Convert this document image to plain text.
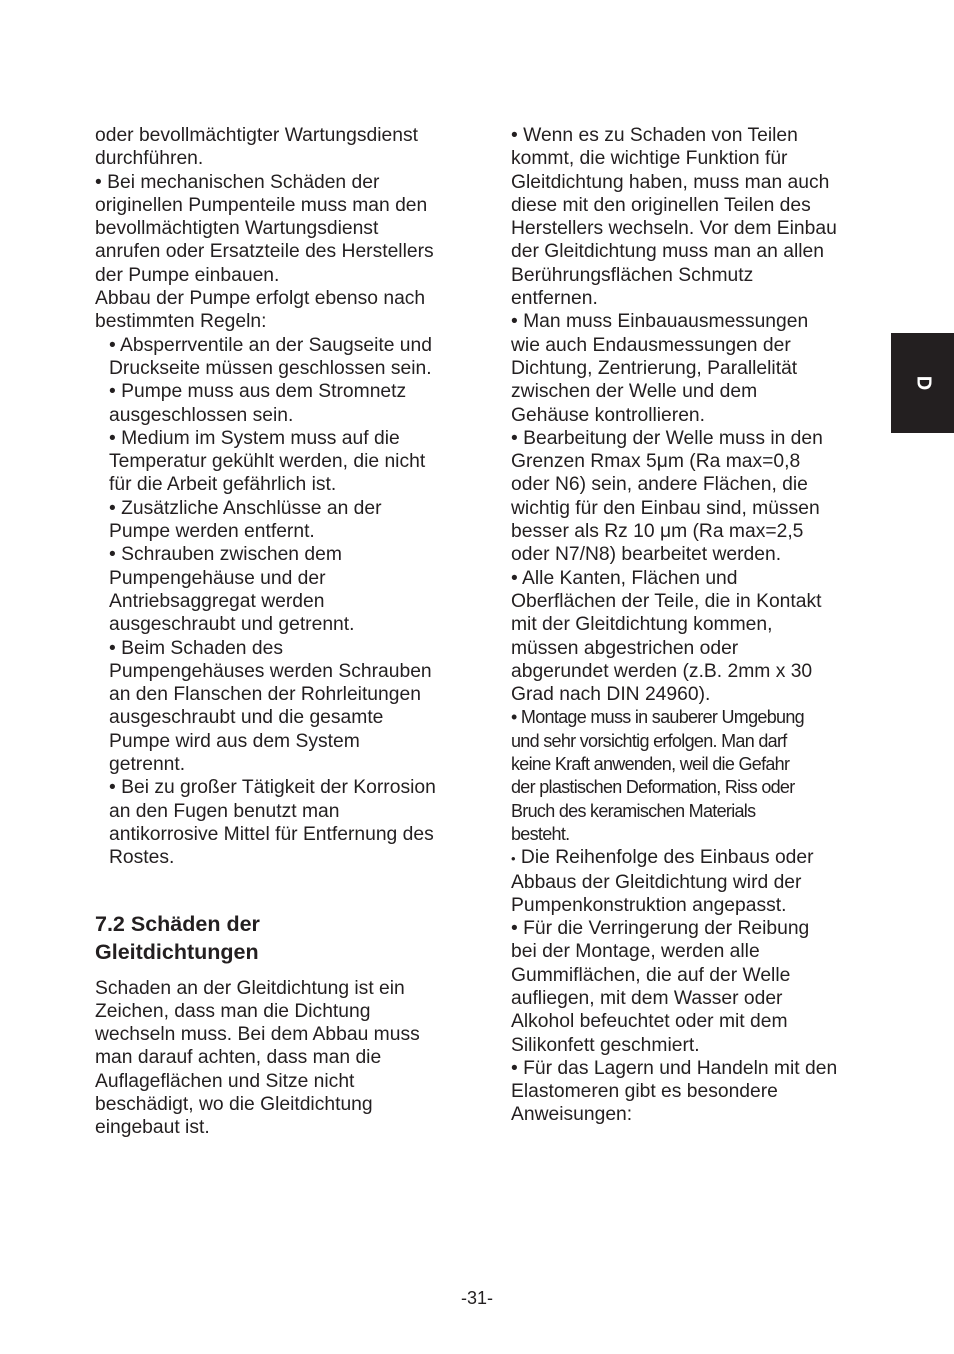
oder bevollmächtigter Wartungsdienst
durchführen.

• Bei mechanischen Schäden der
originellen Pumpenteile muss man den
bevollmächtigten Wartungsdienst
anrufen oder Ersatzteile des Herstellers
der Pumpe einbauen.

Abbau der Pumpe erfolgt ebenso nach
bestimmten Regeln:

• Absperrventile an der Saugseite und
Druckseite müssen geschlossen sein.

• Pumpe muss aus dem Stromnetz
ausgeschlossen sein.

• Medium im System muss auf die
Temperatur gekühlt werden, die nicht
für die Arbeit gefährlich ist.

• Zusätzliche Anschlüsse an der
Pumpe werden entfernt.

• Schrauben zwischen dem
Pumpengehäuse und der
Antriebsaggregat werden
ausgeschraubt und getrennt.

• Beim Schaden des
Pumpengehäuses werden Schrauben
an den Flanschen der Rohrleitungen
ausgeschraubt und die gesamte
Pumpe wird aus dem System
getrennt.

• Bei zu großer Tätigkeit der Korrosion
an den Fugen benutzt man
antikorrosive Mittel für Entfernung des
Rostes.

7.2 Schäden der
Gleitdichtungen

Schaden an der Gleitdichtung ist ein
Zeichen, dass man die Dichtung
wechseln muss. Bei dem Abbau muss
man darauf achten, dass man die
Auflageflächen und Sitze nicht
beschädigt, wo die Gleitdichtung
eingebaut ist.

• Wenn es zu Schaden von Teilen
kommt, die wichtige Funktion für
Gleitdichtung haben, muss man auch
diese mit den originellen Teilen des
Herstellers wechseln. Vor dem Einbau
der Gleitdichtung muss man an allen
Berührungsflächen Schmutz
entfernen.

• Man muss Einbauausmessungen
wie auch Endausmessungen der
Dichtung, Zentrierung, Parallelität
zwischen der Welle und dem
Gehäuse kontrollieren.

• Bearbeitung der Welle muss in den
Grenzen Rmax 5μm (Ra max=0,8
oder N6) sein, andere Flächen, die
wichtig für den Einbau sind, müssen
besser als Rz 10 μm (Ra max=2,5
oder N7/N8) bearbeitet werden.

• Alle Kanten, Flächen und
Oberflächen der Teile, die in Kontakt
mit der Gleitdichtung kommen,
müssen abgestrichen oder
abgerundet werden (z.B. 2mm x 30
Grad nach DIN 24960).

• Montage muss in sauberer Umgebung
und sehr vorsichtig erfolgen. Man darf
keine Kraft anwenden, weil die Gefahr
der plastischen Deformation, Riss oder
Bruch des keramischen Materials
besteht.

• Die Reihenfolge des Einbaus oder
Abbaus der Gleitdichtung wird der
Pumpenkonstruktion angepasst.

• Für die Verringerung der Reibung
bei der Montage, werden alle
Gummiflächen, die auf der Welle
aufliegen, mit dem Wasser oder
Alkohol befeuchtet oder mit dem
Silikonfett geschmiert.

• Für das Lagern und Handeln mit den
Elastomeren gibt es besondere
Anweisungen:

D
-31-
